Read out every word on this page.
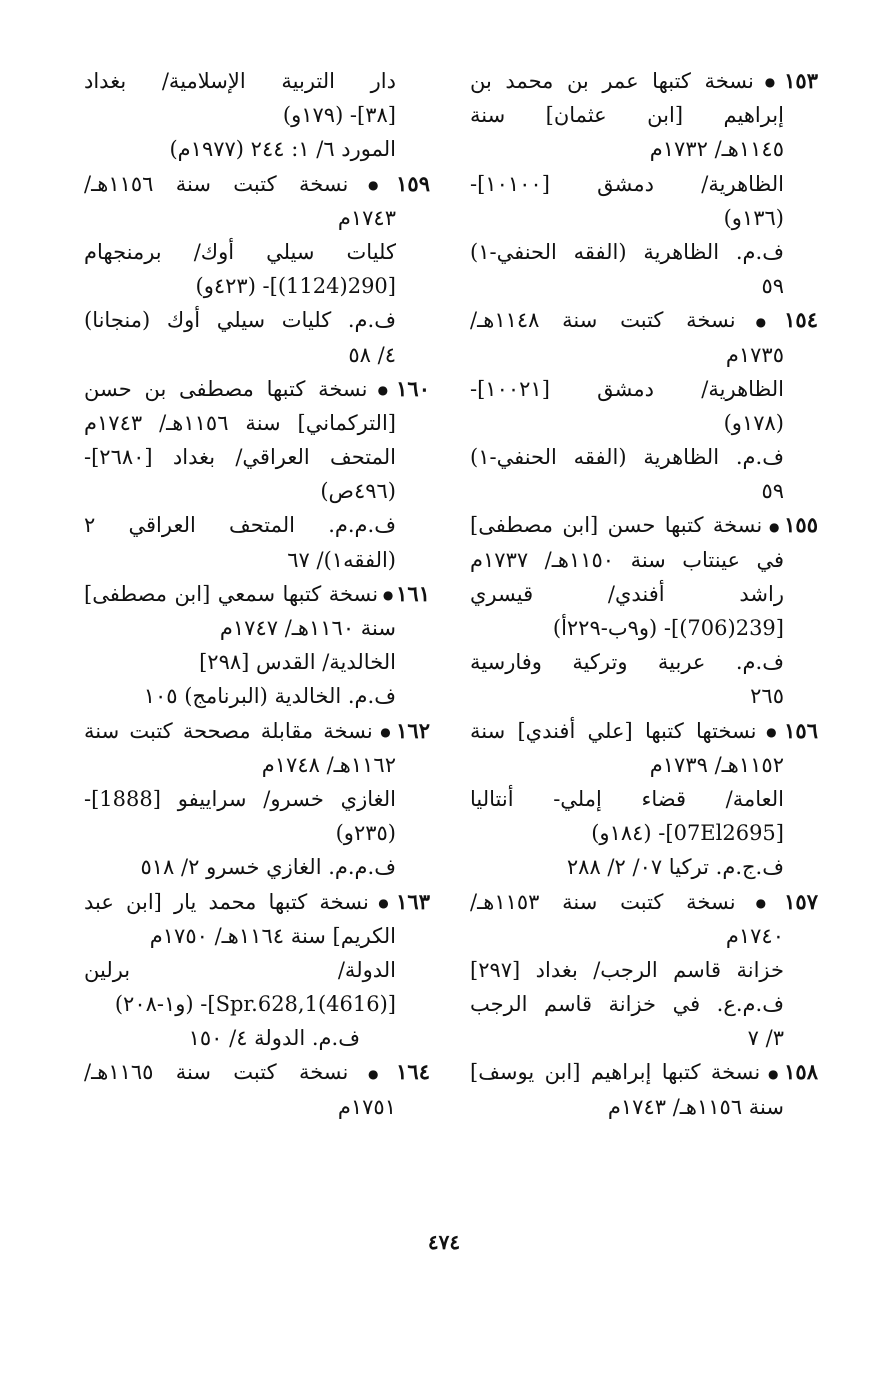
١٥٣●نسخة كتبها عمر بن محمد بن
إبراهيم [ابن عثمان] سنة
١١٤٥هـ/ ١٧٣٢م
الظاهرية/ دمشق [١٠١٠٠]-
(١٣٦و)
ف.م. الظاهرية (الفقه الحنفي-١)
٥٩
١٥٤●نسخة كتبت سنة ١١٤٨هـ/
١٧٣٥م
الظاهرية/ دمشق [١٠٠٢١]-
(١٧٨و)
ف.م. الظاهرية (الفقه الحنفي-١)
٥٩
١٥٥●نسخة كتبها حسن [ابن مصطفى]
في عينتاب سنة ١١٥٠هـ/ ١٧٣٧م
راشد أفندي/ قيسري
[239(706)]- (و٩ب-٢٢٩أ)
ف.م. عربية وتركية وفارسية
٢٦٥
١٥٦●نسختها كتبها [علي أفندي] سنة
١١٥٢هـ/ ١٧٣٩م
العامة/ قضاء إملي- أنتاليا
[07El2695]- (١٨٤و)
ف.ج.م. تركيا ٠٧/ ٢/ ٢٨٨
١٥٧●نسخة كتبت سنة ١١٥٣هـ/
١٧٤٠م
خزانة قاسم الرجب/ بغداد [٢٩٧]
ف.م.ع. في خزانة قاسم الرجب
٣/ ٧
١٥٨●نسخة كتبها إبراهيم [ابن يوسف]
سنة ١١٥٦هـ/ ١٧٤٣م
دار التربية الإسلامية/ بغداد
[٣٨]- (١٧٩و)
المورد ٦/ ١: ٢٤٤ (١٩٧٧م)
١٥٩●نسخة كتبت سنة ١١٥٦هـ/
١٧٤٣م
كليات سيلي أوك/ برمنجهام
[290(1124)]- (٤٢٣و)
ف.م. كليات سيلي أوك (منجانا)
٤/ ٥٨
١٦٠●نسخة كتبها مصطفى بن حسن
[التركماني] سنة ١١٥٦هـ/ ١٧٤٣م
المتحف العراقي/ بغداد [٢٦٨٠]-
(٤٩٦ص)
ف.م.م. المتحف العراقي ٢
(الفقه١)/ ٦٧
١٦١●نسخة كتبها سمعي [ابن مصطفى]
سنة ١١٦٠هـ/ ١٧٤٧م
الخالدية/ القدس [٢٩٨]
ف.م. الخالدية (البرنامج) ١٠٥
١٦٢●نسخة مقابلة مصححة كتبت سنة
١١٦٢هـ/ ١٧٤٨م
الغازي خسرو/ سراييفو [1888]-
(٢٣٥و)
ف.م.م. الغازي خسرو ٢/ ٥١٨
١٦٣●نسخة كتبها محمد يار [ابن عبد
الكريم] سنة ١١٦٤هـ/ ١٧٥٠م
الدولة/ برلين
[(4616)Spr.628,1]- (و١-٢٠٨)
ف.م. الدولة ٤/ ١٥٠
١٦٤●نسخة كتبت سنة ١١٦٥هـ/
١٧٥١م
٤٧٤
